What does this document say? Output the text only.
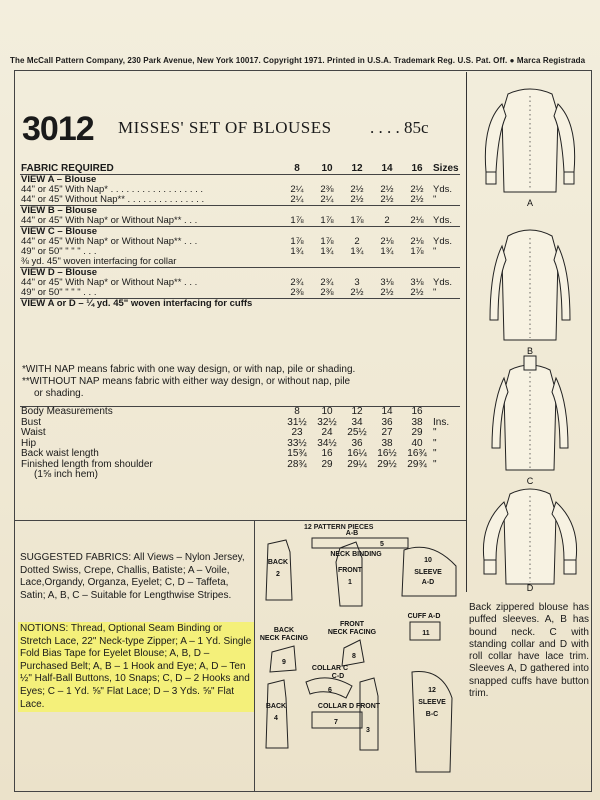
The McCall Pattern Company, 230 Park Avenue, New York 10017. Copyright 1971. Printed in U.S.A. Trademark Reg. U.S. Pat. Off. ● Marca Registrada
3012 MISSES' SET OF BLOUSES . . . . 85c
FABRIC REQUIRED	8	10	12	14	16	Sizes
VIEW A – Blouse						
44" or 45" With Nap* . . . . . . . . . . . . . . . . . .	2¼	2⅜	2½	2½	2½	Yds.
44" or 45" Without Nap** . . . . . . . . . . . . . . .	2¼	2¼	2½	2½	2½	"
VIEW B – Blouse						
44" or 45" With Nap* or Without Nap** . . .	1⅞	1⅞	1⅞	2	2⅛	Yds.
VIEW C – Blouse						
44" or 45" With Nap* or Without Nap** . . .	1⅞	1⅞	2	2⅛	2⅛	Yds.
49" or 50" " " " . . .	1¾	1¾	1¾	1¾	1⅞	"
⅜ yd. 45" woven interfacing for collar						
VIEW D – Blouse						
44" or 45" With Nap* or Without Nap** . . .	2¾	2¾	3	3⅛	3⅛	Yds.
49" or 50" " " " . . .	2⅜	2⅜	2½	2½	2½	"
VIEW A or D – ¼ yd. 45" woven interfacing for cuffs						
*WITH NAP means fabric with one way design, or with nap, pile or shading.
**WITHOUT NAP means fabric with either way design, or without nap, pile
or shading.
Body Measurements	8	10	12	14	16	
Bust	31½	32½	34	36	38	Ins.
Waist	23	24	25½	27	29	"
Hip	33½	34½	36	38	40	"
Back waist length	15¾	16	16¼	16½	16¾	"
Finished length from shoulder	28¾	29	29¼	29½	29¾	"
(1⅝ inch hem)						
SUGGESTED FABRICS: All Views – Nylon Jersey, Dotted Swiss, Crepe, Challis, Batiste; A – Voile, Lace,Organdy, Organza, Eyelet; C, D – Taffeta, Satin; A, B, C – Suitable for Lengthwise Stripes.
NOTIONS: Thread, Optional Seam Binding or Stretch Lace, 22" Neck-type Zipper; A – 1 Yd. Single Fold Bias Tape for Eyelet Blouse; A, B, D – Purchased Belt; A, B – 1 Hook and Eye; A, D – Ten ½" Half-Ball Buttons, 10 Snaps; C, D – 2 Hooks and Eyes; C – 1 Yd. ⅝" Flat Lace; D – 3 Yds. ⅝" Flat Lace.
12 PATTERN PIECES
A-B
5
NECK BINDING
BACK
2
FRONT
1
10
SLEEVE
A-D
CUFF A-D
11
BACK
NECK FACING
9
FRONT
NECK FACING
8
COLLAR C
6
COLLAR D
7
BACK
4
FRONT
3
12
SLEEVE
B-C
C-D
A
B
C
D
Back zippered blouse has puffed sleeves. A, B has bound neck. C with standing collar and D with roll collar have lace trim. Sleeves A, D gathered into snapped cuffs have button trim.
